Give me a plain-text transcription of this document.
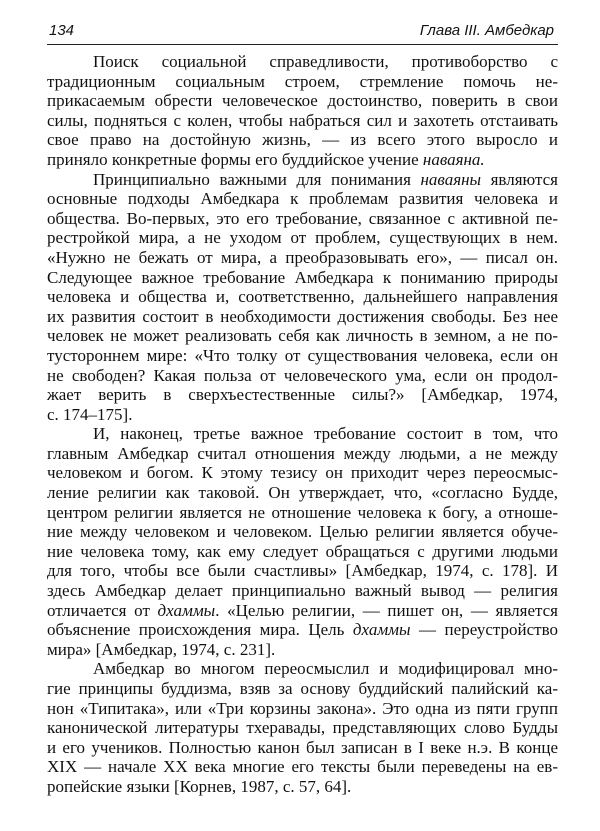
134	Глава III. Амбедкар
Поиск социальной справедливости, противоборство с
традиционным социальным строем, стремление помочь не-
прикасаемым обрести человеческое достоинство, поверить в свои
силы, подняться с колен, чтобы набраться сил и захотеть отстаивать
свое право на достойную жизнь, — из всего этого выросло и
приняло конкретные формы его буддийское учение наваяна.
Принципиально важными для понимания наваяны являются
основные подходы Амбедкара к проблемам развития человека и
общества. Во-первых, это его требование, связанное с активной пе-
рестройкой мира, а не уходом от проблем, существующих в нем.
«Нужно не бежать от мира, а преобразовывать его», — писал он.
Следующее важное требование Амбедкара к пониманию природы
человека и общества и, соответственно, дальнейшего направления
их развития состоит в необходимости достижения свободы. Без нее
человек не может реализовать себя как личность в земном, а не по-
тустороннем мире: «Что толку от существования человека, если он
не свободен? Какая польза от человеческого ума, если он продол-
жает верить в сверхъестественные силы?» [Амбедкар, 1974,
с. 174–175].
И, наконец, третье важное требование состоит в том, что
главным Амбедкар считал отношения между людьми, а не между
человеком и богом. К этому тезису он приходит через переосмыс-
ление религии как таковой. Он утверждает, что, «согласно Будде,
центром религии является не отношение человека к богу, а отноше-
ние между человеком и человеком. Целью религии является обуче-
ние человека тому, как ему следует обращаться с другими людьми
для того, чтобы все были счастливы» [Амбедкар, 1974, с. 178]. И
здесь Амбедкар делает принципиально важный вывод — религия
отличается от дхаммы. «Целью религии, — пишет он, — является
объяснение происхождения мира. Цель дхаммы — переустройство
мира» [Амбедкар, 1974, с. 231].
Амбедкар во многом переосмыслил и модифицировал мно-
гие принципы буддизма, взяв за основу буддийский палийский ка-
нон «Типитака», или «Три корзины закона». Это одна из пяти групп
канонической литературы тхеравады, представляющих слово Будды
и его учеников. Полностью канон был записан в I веке н.э. В конце
XIX — начале XX века многие его тексты были переведены на ев-
ропейские языки [Корнев, 1987, с. 57, 64].
